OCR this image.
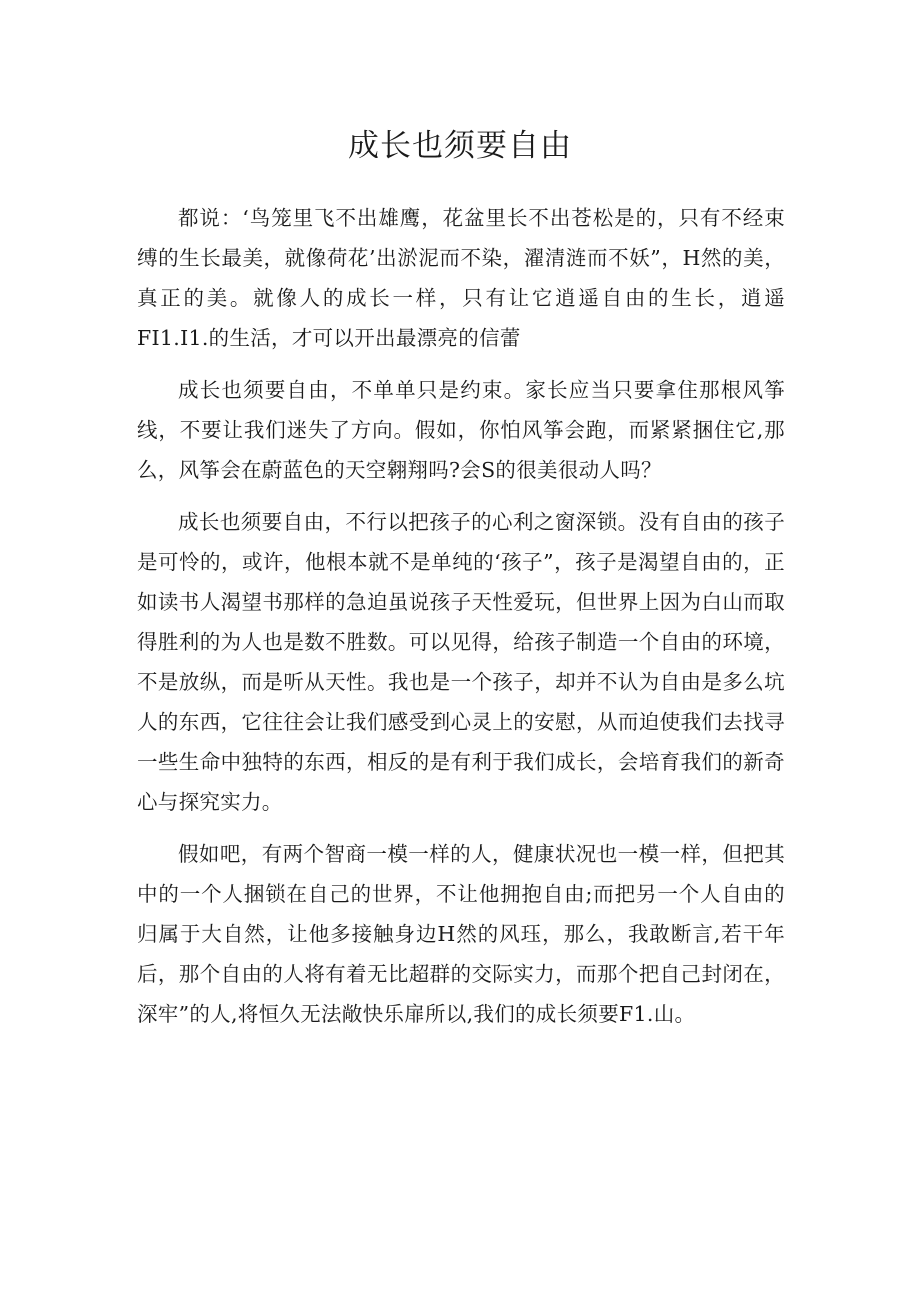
成长也须要自由

都说：‘鸟笼里飞不出雄鹰，花盆里长不出苍松是的，只有不经束缚的生长最美，就像荷花’出淤泥而不染，濯清涟而不妖”，H然的美，真正的美。就像人的成长一样，只有让它逍遥自由的生长，逍遥FI1.I1.的生活，才可以开出最漂亮的信蕾

成长也须要自由，不单单只是约束。家长应当只要拿住那根风筝线，不要让我们迷失了方向。假如，你怕风筝会跑，而紧紧捆住它,那么，风筝会在蔚蓝色的天空翱翔吗?会S的很美很动人吗？

成长也须要自由，不行以把孩子的心利之窗深锁。没有自由的孩子是可怜的，或许，他根本就不是单纯的‘孩子”，孩子是渴望自由的，正如读书人渴望书那样的急迫虽说孩子天性爱玩，但世界上因为白山而取得胜利的为人也是数不胜数。可以见得，给孩子制造一个自由的环境，不是放纵，而是听从天性。我也是一个孩子，却并不认为自由是多么坑人的东西，它往往会让我们感受到心灵上的安慰，从而迫使我们去找寻一些生命中独特的东西，相反的是有利于我们成长，会培育我们的新奇心与探究实力。

假如吧，有两个智商一模一样的人，健康状况也一模一样，但把其中的一个人捆锁在自己的世界，不让他拥抱自由;而把另一个人自由的归属于大自然，让他多接触身边H然的风珏，那么，我敢断言,若干年后，那个自由的人将有着无比超群的交际实力，而那个把自己封闭在，深牢”的人,将恒久无法敞快乐扉所以,我们的成长须要F1.山。
